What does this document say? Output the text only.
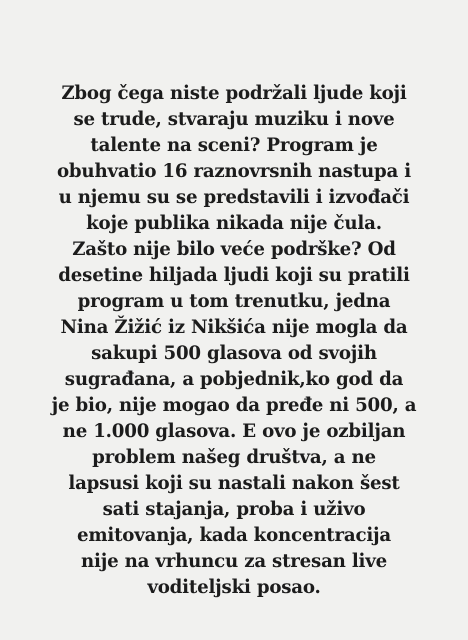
Zbog čega niste podržali ljude koji
se trude, stvaraju muziku i nove
talente na sceni? Program je
obuhvatio 16 raznovrsnih nastupa i
u njemu su se predstavili i izvođači
koje publika nikada nije čula.
Zašto nije bilo veće podrške? Od
desetine hiljada ljudi koji su pratili
program u tom trenutku, jedna
Nina Žižić iz Nikšića nije mogla da
sakupi 500 glasova od svojih
sugrađana, a pobjednik,ko god da
je bio, nije mogao da pređe ni 500, a
ne 1.000 glasova. E ovo je ozbiljan
problem našeg društva, a ne
lapsusi koji su nastali nakon šest
sati stajanja, proba i uživo
emitovanja, kada koncentracija
nije na vrhuncu za stresan live
voditeljski posao.
